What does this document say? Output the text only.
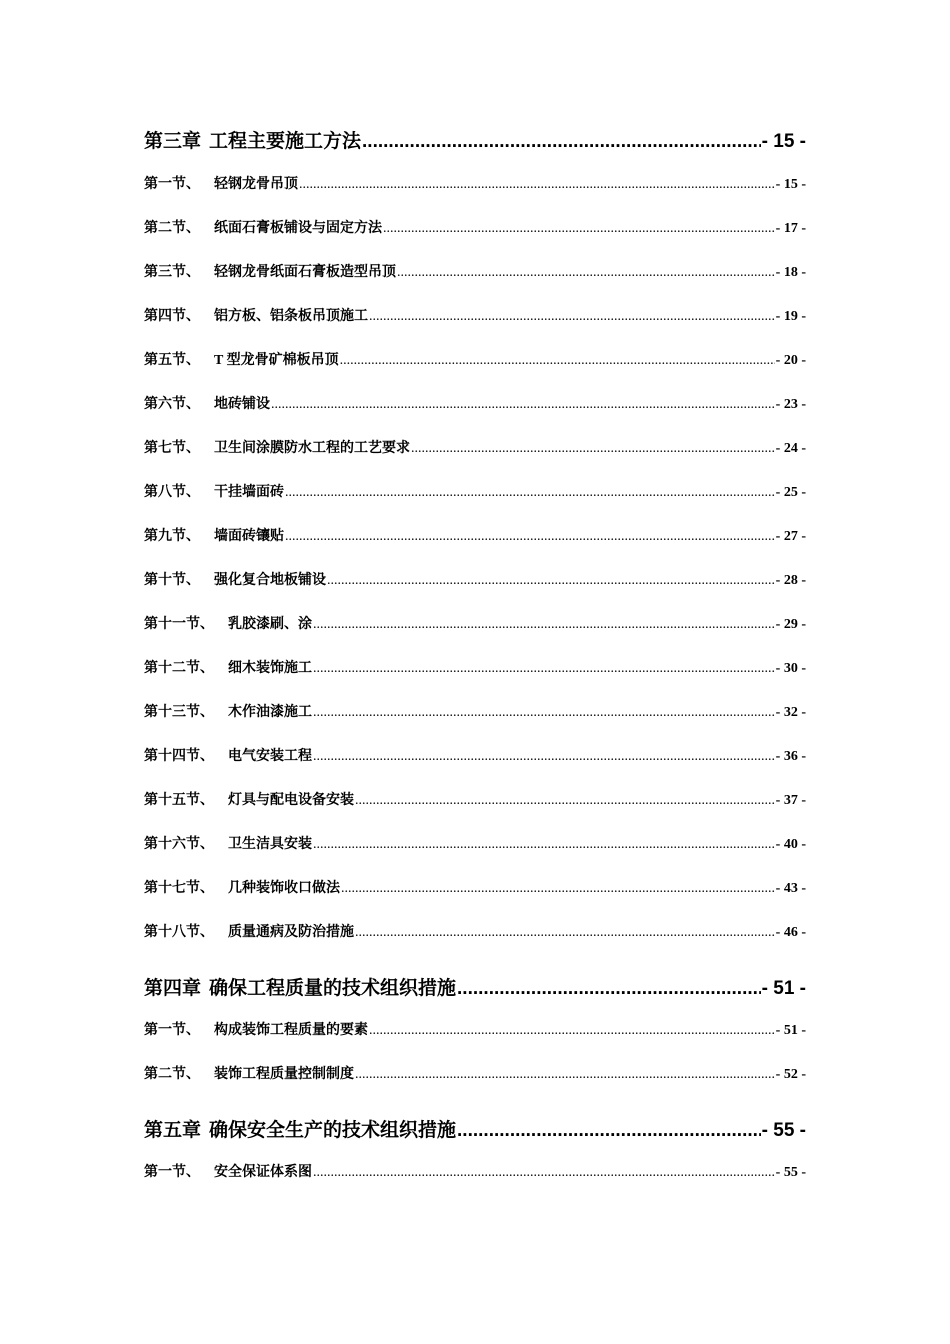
第三章 工程主要施工方法 .....	- 15 -
第一节、 轻钢龙骨吊顶 .....	- 15 -
第二节、 纸面石膏板铺设与固定方法 .....	- 17 -
第三节、 轻钢龙骨纸面石膏板造型吊顶 .....	- 18 -
第四节、 铝方板、铝条板吊顶施工 .....	- 19 -
第五节、 T 型龙骨矿棉板吊顶 .....	- 20 -
第六节、 地砖铺设 .....	- 23 -
第七节、 卫生间涂膜防水工程的工艺要求 .....	- 24 -
第八节、 干挂墙面砖 .....	- 25 -
第九节、 墙面砖镶贴 .....	- 27 -
第十节、 强化复合地板铺设 .....	- 28 -
第十一节、 乳胶漆刷、涂 .....	- 29 -
第十二节、 细木装饰施工 .....	- 30 -
第十三节、 木作油漆施工 .....	- 32 -
第十四节、 电气安装工程 .....	- 36 -
第十五节、 灯具与配电设备安装 .....	- 37 -
第十六节、 卫生洁具安装 .....	- 40 -
第十七节、 几种装饰收口做法 .....	- 43 -
第十八节、 质量通病及防治措施 .....	- 46 -
第四章 确保工程质量的技术组织措施 .....	- 51 -
第一节、 构成装饰工程质量的要素 .....	- 51 -
第二节、 装饰工程质量控制制度 .....	- 52 -
第五章 确保安全生产的技术组织措施 .....	- 55 -
第一节、 安全保证体系图 .....	- 55 -
